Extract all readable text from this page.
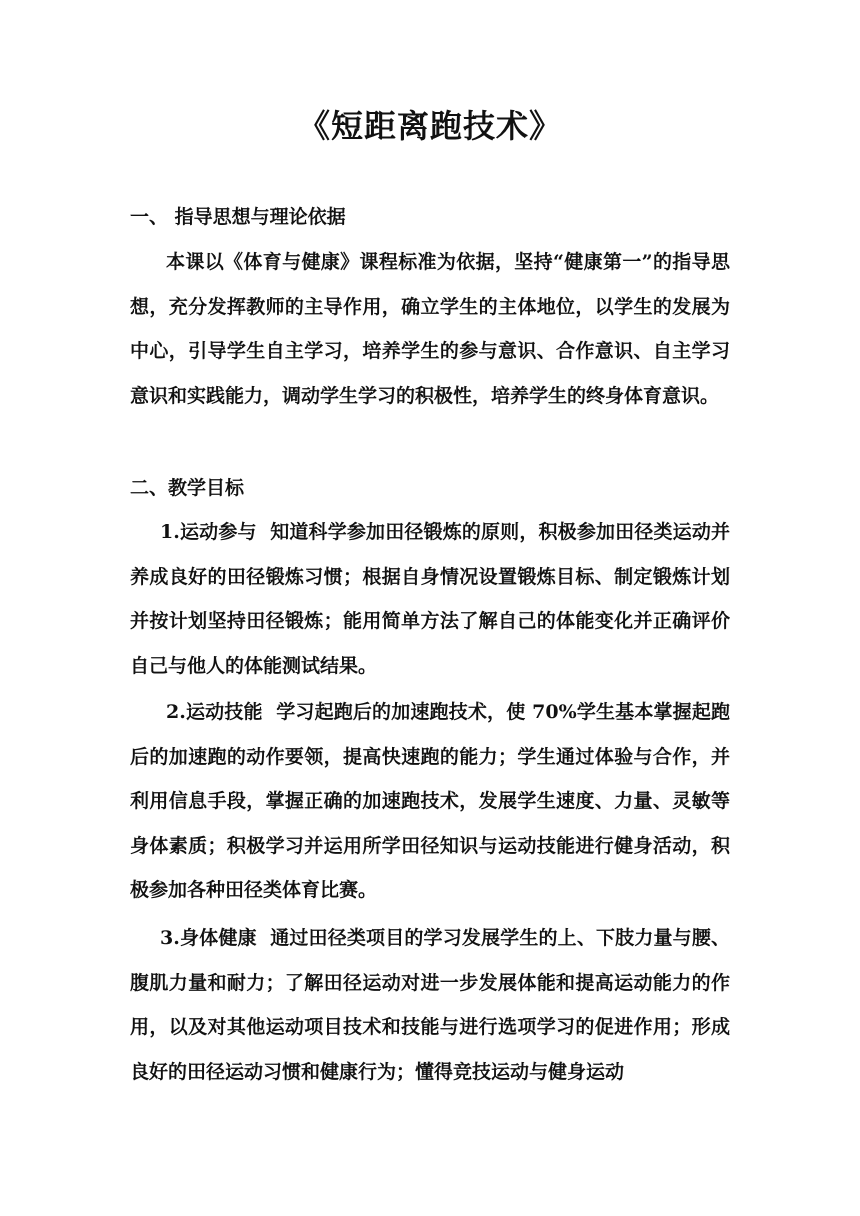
《短距离跑技术》
一、 指导思想与理论依据

本课以《体育与健康》课程标准为依据，坚持“健康第一”的指导思想，充分发挥教师的主导作用，确立学生的主体地位，以学生的发展为中心，引导学生自主学习，培养学生的参与意识、合作意识、自主学习意识和实践能力，调动学生学习的积极性，培养学生的终身体育意识。

二、教学目标

1.运动参与 知道科学参加田径锻炼的原则，积极参加田径类运动并养成良好的田径锻炼习惯；根据自身情况设置锻炼目标、制定锻炼计划并按计划坚持田径锻炼；能用简单方法了解自己的体能变化并正确评价自己与他人的体能测试结果。

2.运动技能 学习起跑后的加速跑技术，使 70%学生基本掌握起跑后的加速跑的动作要领，提高快速跑的能力；学生通过体验与合作，并利用信息手段，掌握正确的加速跑技术，发展学生速度、力量、灵敏等身体素质；积极学习并运用所学田径知识与运动技能进行健身活动，积极参加各种田径类体育比赛。

3.身体健康 通过田径类项目的学习发展学生的上、下肢力量与腰、腹肌力量和耐力；了解田径运动对进一步发展体能和提高运动能力的作用，以及对其他运动项目技术和技能与进行选项学习的促进作用；形成良好的田径运动习惯和健康行为；懂得竞技运动与健身运动
